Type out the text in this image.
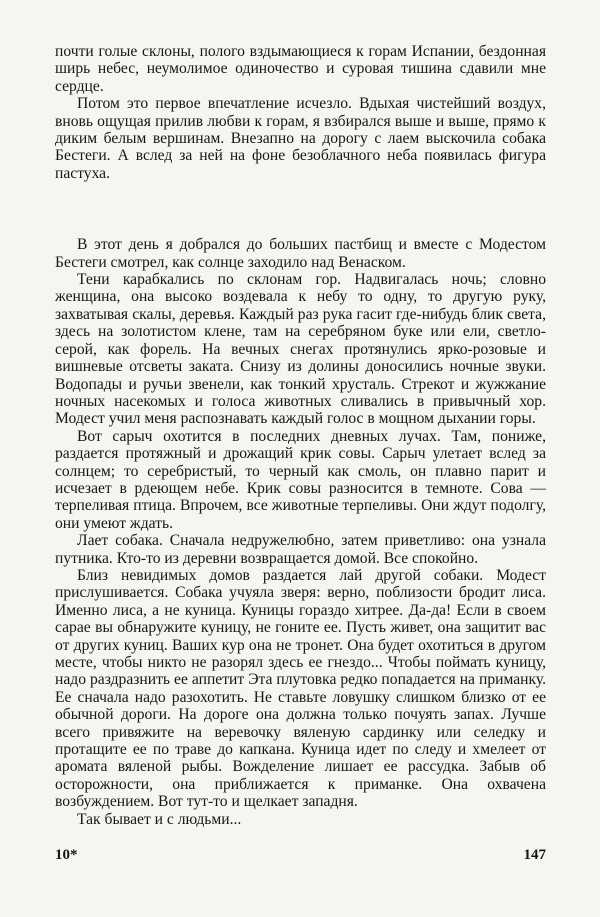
почти голые склоны, полого вздымающиеся к горам Испании, бездонная ширь небес, неумолимое одиночество и суровая тишина сдавили мне сердце.

Потом это первое впечатление исчезло. Вдыхая чистейший воздух, вновь ощущая прилив любви к горам, я взбирался выше и выше, прямо к диким белым вершинам. Внезапно на дорогу с лаем выскочила собака Бестеги. А вслед за ней на фоне безоблачного неба появилась фигура пастуха.

В этот день я добрался до больших пастбищ и вместе с Модестом Бестеги смотрел, как солнце заходило над Венаском.

Тени карабкались по склонам гор. Надвигалась ночь; словно женщина, она высоко воздевала к небу то одну, то другую руку, захватывая скалы, деревья. Каждый раз рука гасит где-нибудь блик света, здесь на золотистом клене, там на серебряном буке или ели, светло-серой, как форель. На вечных снегах протянулись ярко-розовые и вишневые отсветы заката. Снизу из долины доносились ночные звуки. Водопады и ручьи звенели, как тонкий хрусталь. Стрекот и жужжание ночных насекомых и голоса животных сливались в привычный хор. Модест учил меня распознавать каждый голос в мощном дыхании горы.

Вот сарыч охотится в последних дневных лучах. Там, пониже, раздается протяжный и дрожащий крик совы. Сарыч улетает вслед за солнцем; то серебристый, то черный как смоль, он плавно парит и исчезает в рдеющем небе. Крик совы разносится в темноте. Сова — терпеливая птица. Впрочем, все животные терпеливы. Они ждут подолгу, они умеют ждать.

Лает собака. Сначала недружелюбно, затем приветливо: она узнала путника. Кто-то из деревни возвращается домой. Все спокойно.

Близ невидимых домов раздается лай другой собаки. Модест прислушивается. Собака учуяла зверя: верно, поблизости бродит лиса. Именно лиса, а не куница. Куницы гораздо хитрее. Да-да! Если в своем сарае вы обнаружите куницу, не гоните ее. Пусть живет, она защитит вас от других куниц. Ваших кур она не тронет. Она будет охотиться в другом месте, чтобы никто не разорял здесь ее гнездо... Чтобы поймать куницу, надо раздразнить ее аппетит Эта плутовка редко попадается на приманку. Ее сначала надо разохотить. Не ставьте ловушку слишком близко от ее обычной дороги. На дороге она должна только почуять запах. Лучше всего привяжите на веревочку вяленую сардинку или селедку и протащите ее по траве до капкана. Куница идет по следу и хмелеет от аромата вяленой рыбы. Вожделение лишает ее рассудка. Забыв об осторожности, она приближается к приманке. Она охвачена возбуждением. Вот тут-то и щелкает западня.

Так бывает и с людьми...

10*	147
